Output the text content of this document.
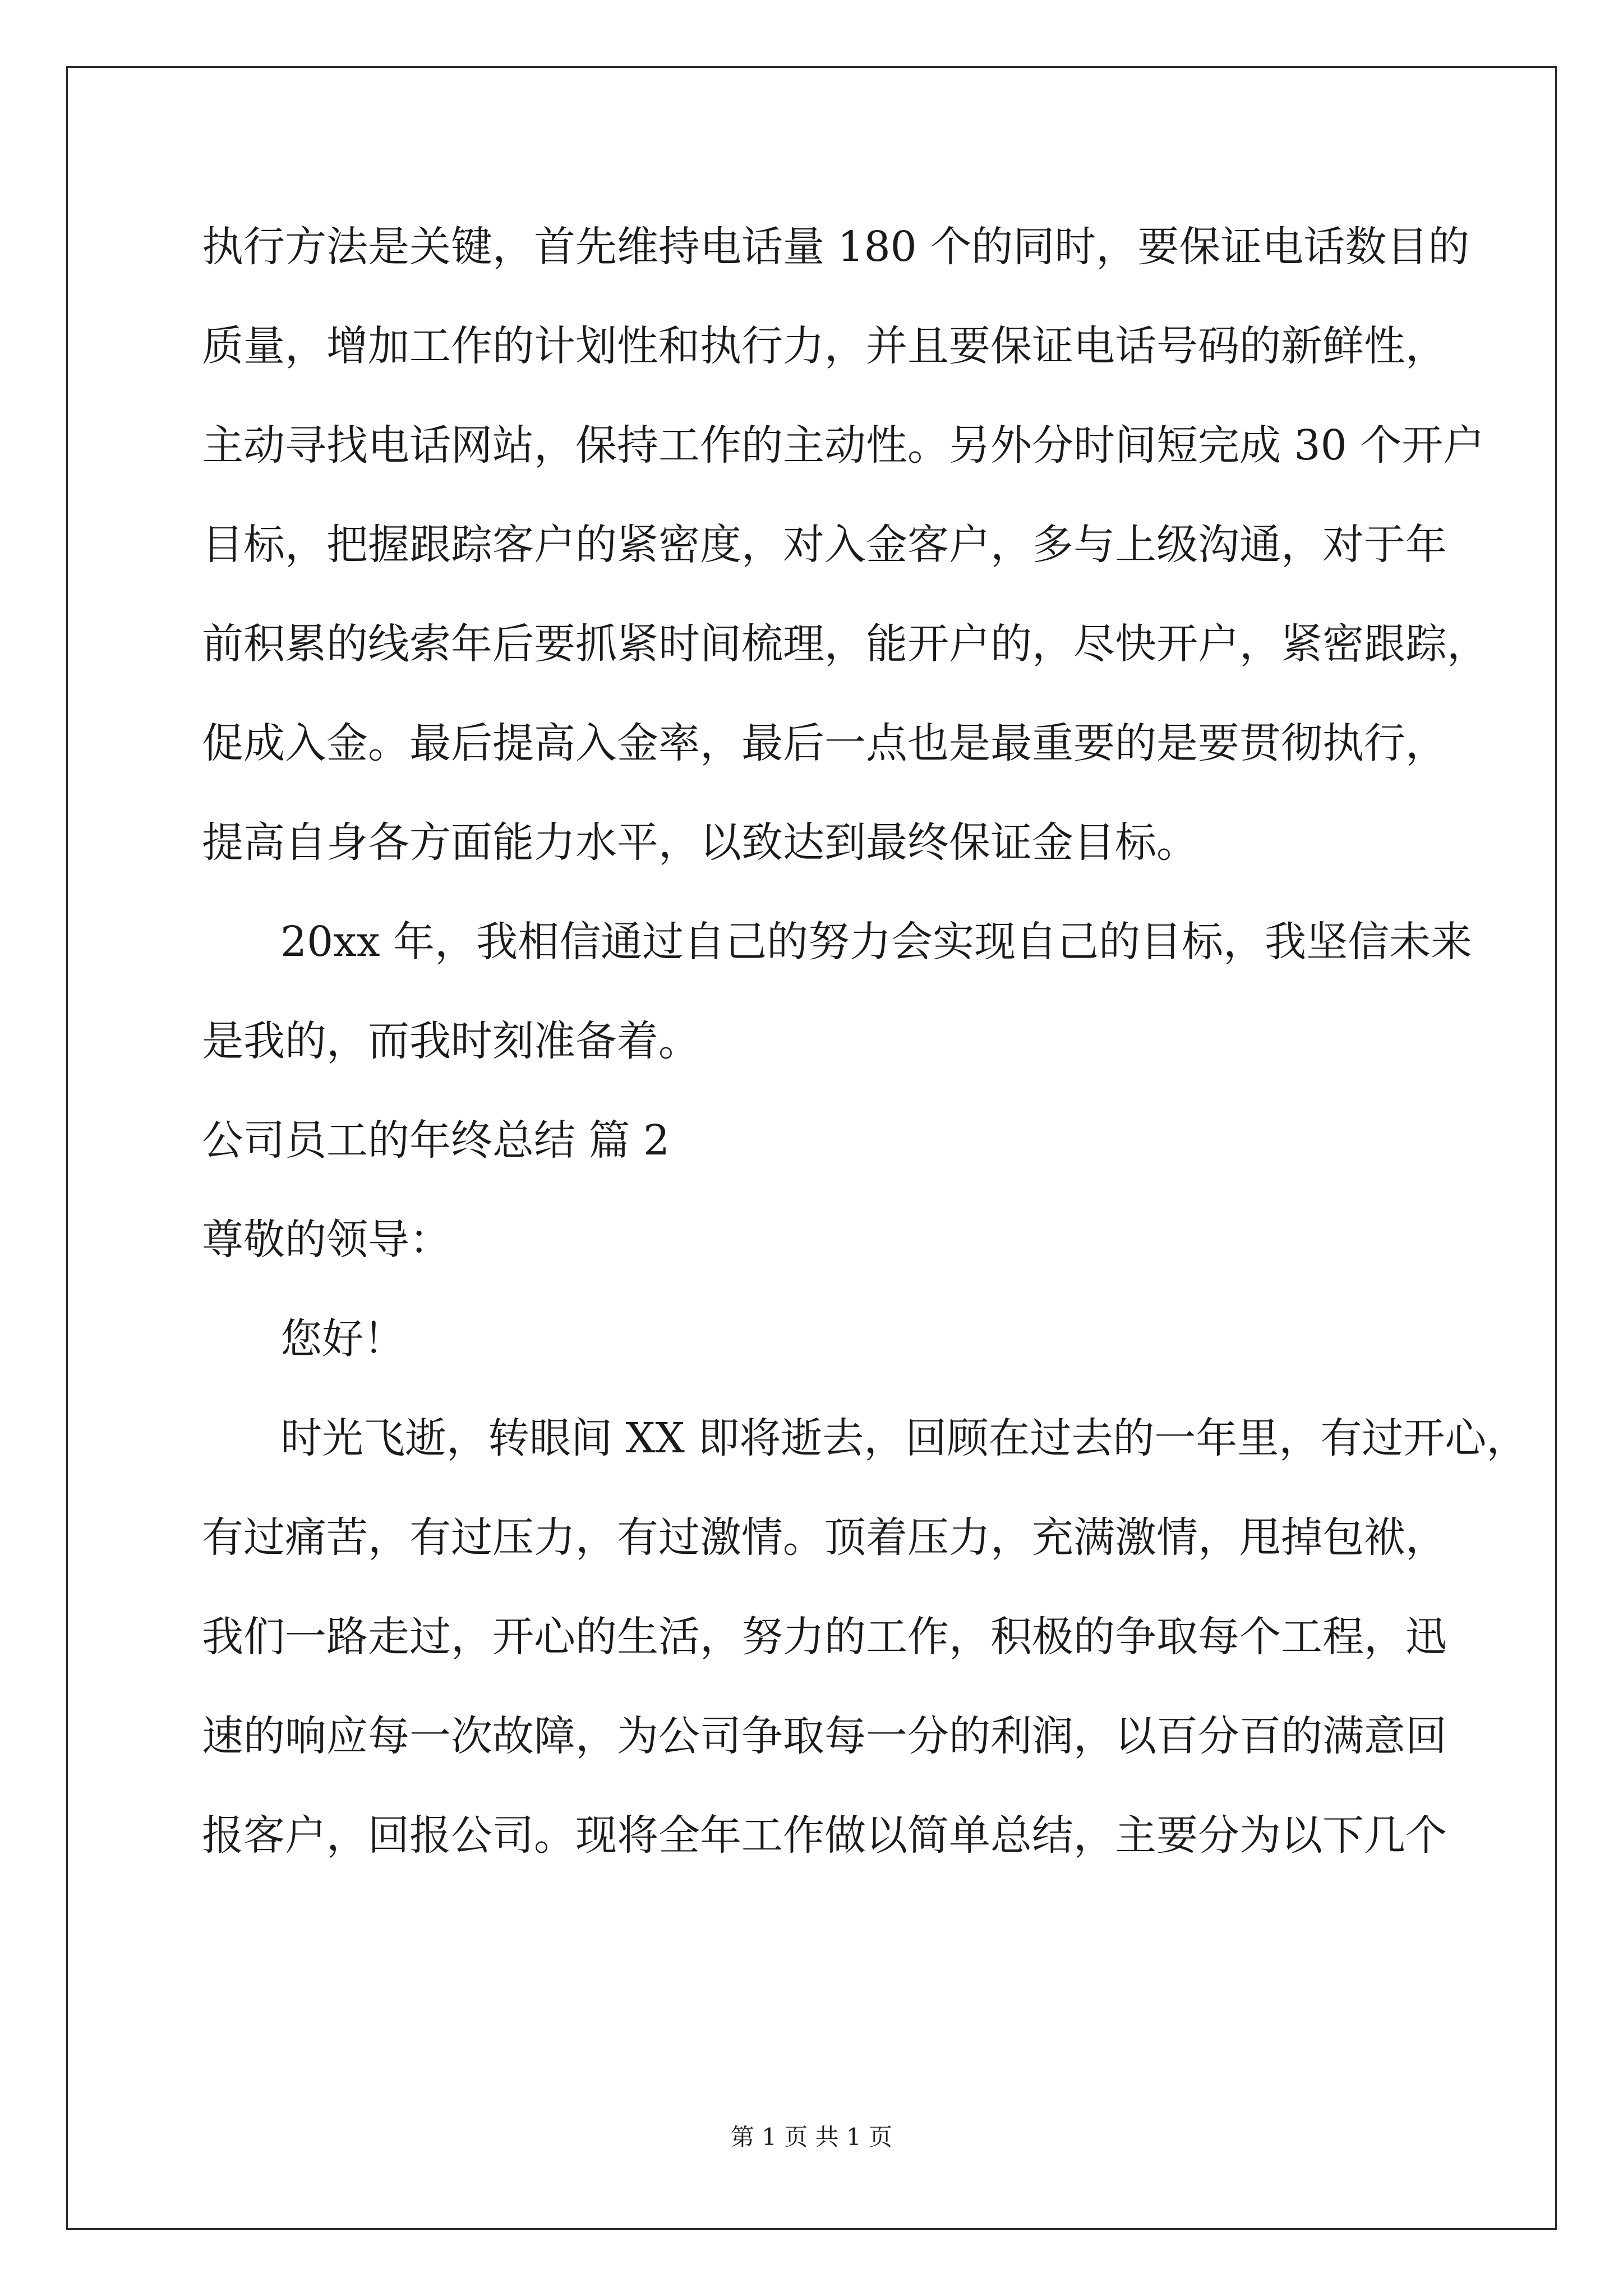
执行方法是关键，首先维持电话量 180 个的同时，要保证电话数目的
质量，增加工作的计划性和执行力，并且要保证电话号码的新鲜性，
主动寻找电话网站，保持工作的主动性。另外分时间短完成 30 个开户
目标，把握跟踪客户的紧密度，对入金客户，多与上级沟通，对于年
前积累的线索年后要抓紧时间梳理，能开户的，尽快开户，紧密跟踪，
促成入金。最后提高入金率，最后一点也是最重要的是要贯彻执行，
提高自身各方面能力水平，以致达到最终保证金目标。
20xx 年，我相信通过自己的努力会实现自己的目标，我坚信未来
是我的，而我时刻准备着。
公司员工的年终总结 篇 2
尊敬的领导：
您好！
时光飞逝，转眼间 XX 即将逝去，回顾在过去的一年里，有过开心，
有过痛苦，有过压力，有过激情。顶着压力，充满激情，甩掉包袱，
我们一路走过，开心的生活，努力的工作，积极的争取每个工程，迅
速的响应每一次故障，为公司争取每一分的利润，以百分百的满意回
报客户，回报公司。现将全年工作做以简单总结，主要分为以下几个
第 1 页 共 1 页
